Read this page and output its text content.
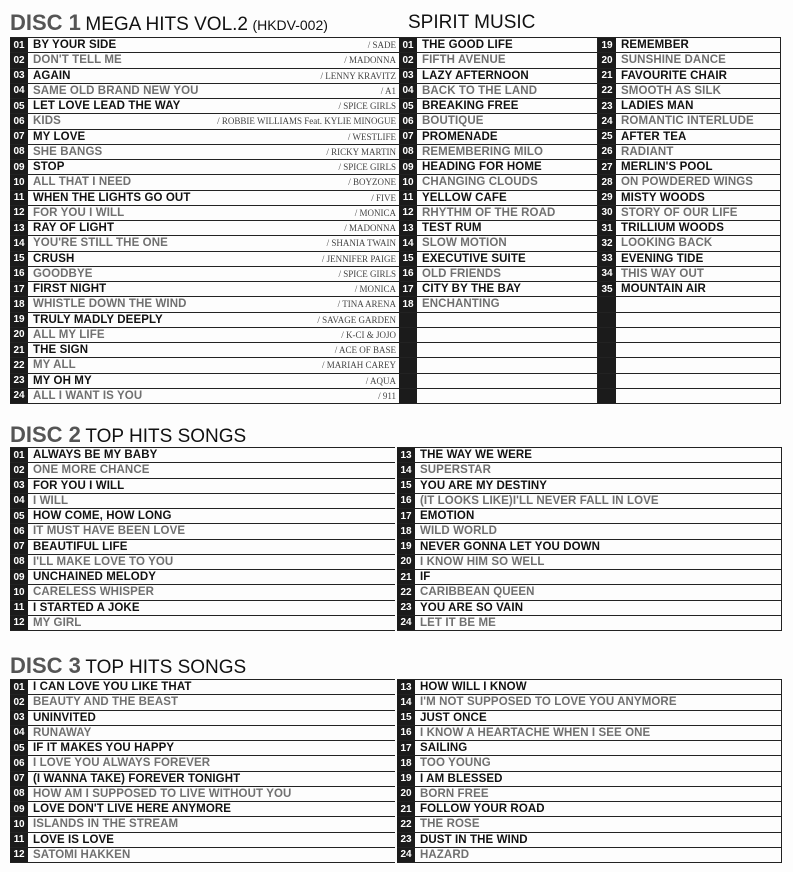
DISC 1 MEGA HITS VOL.2 (HKDV-002)	SPIRIT MUSIC
01 BY YOUR SIDE	/ SADE
02 DON'T TELL ME	/ MADONNA
03 AGAIN	/ LENNY KRAVITZ
04 SAME OLD BRAND NEW YOU	/ A1
05 LET LOVE LEAD THE WAY	/ SPICE GIRLS
06 KIDS	/ ROBBIE WILLIAMS Feat. KYLIE MINOGUE
07 MY LOVE	/ WESTLIFE
08 SHE BANGS	/ RICKY MARTIN
09 STOP	/ SPICE GIRLS
10 ALL THAT I NEED	/ BOYZONE
11 WHEN THE LIGHTS GO OUT	/ FIVE
12 FOR YOU I WILL	/ MONICA
13 RAY OF LIGHT	/ MADONNA
14 YOU'RE STILL THE ONE	/ SHANIA TWAIN
15 CRUSH	/ JENNIFER PAIGE
16 GOODBYE	/ SPICE GIRLS
17 FIRST NIGHT	/ MONICA
18 WHISTLE DOWN THE WIND	/ TINA ARENA
19 TRULY MADLY DEEPLY	/ SAVAGE GARDEN
20 ALL MY LIFE	/ K-CI & JOJO
21 THE SIGN	/ ACE OF BASE
22 MY ALL	/ MARIAH CAREY
23 MY OH MY	/ AQUA
24 ALL I WANT IS YOU	/ 911
01 THE GOOD LIFE
02 FIFTH AVENUE
03 LAZY AFTERNOON
04 BACK TO THE LAND
05 BREAKING FREE
06 BOUTIQUE
07 PROMENADE
08 REMEMBERING MILO
09 HEADING FOR HOME
10 CHANGING CLOUDS
11 YELLOW CAFE
12 RHYTHM OF THE ROAD
13 TEST RUM
14 SLOW MOTION
15 EXECUTIVE SUITE
16 OLD FRIENDS
17 CITY BY THE BAY
18 ENCHANTING
19 REMEMBER
20 SUNSHINE DANCE
21 FAVOURITE CHAIR
22 SMOOTH AS SILK
23 LADIES MAN
24 ROMANTIC INTERLUDE
25 AFTER TEA
26 RADIANT
27 MERLIN'S POOL
28 ON POWDERED WINGS
29 MISTY WOODS
30 STORY OF OUR LIFE
31 TRILLIUM WOODS
32 LOOKING BACK
33 EVENING TIDE
34 THIS WAY OUT
35 MOUNTAIN AIR
DISC 2 TOP HITS SONGS
01 ALWAYS BE MY BABY
02 ONE MORE CHANCE
03 FOR YOU I WILL
04 I WILL
05 HOW COME, HOW LONG
06 IT MUST HAVE BEEN LOVE
07 BEAUTIFUL LIFE
08 I'LL MAKE LOVE TO YOU
09 UNCHAINED MELODY
10 CARELESS WHISPER
11 I STARTED A JOKE
12 MY GIRL
13 THE WAY WE WERE
14 SUPERSTAR
15 YOU ARE MY DESTINY
16 (IT LOOKS LIKE)I'LL NEVER FALL IN LOVE
17 EMOTION
18 WILD WORLD
19 NEVER GONNA LET YOU DOWN
20 I KNOW HIM SO WELL
21 IF
22 CARIBBEAN QUEEN
23 YOU ARE SO VAIN
24 LET IT BE ME
DISC 3 TOP HITS SONGS
01 I CAN LOVE YOU LIKE THAT
02 BEAUTY AND THE BEAST
03 UNINVITED
04 RUNAWAY
05 IF IT MAKES YOU HAPPY
06 I LOVE YOU ALWAYS FOREVER
07 (I WANNA TAKE) FOREVER TONIGHT
08 HOW AM I SUPPOSED TO LIVE WITHOUT YOU
09 LOVE DON'T LIVE HERE ANYMORE
10 ISLANDS IN THE STREAM
11 LOVE IS LOVE
12 SATOMI HAKKEN
13 HOW WILL I KNOW
14 I'M NOT SUPPOSED TO LOVE YOU ANYMORE
15 JUST ONCE
16 I KNOW A HEARTACHE WHEN I SEE ONE
17 SAILING
18 TOO YOUNG
19 I AM BLESSED
20 BORN FREE
21 FOLLOW YOUR ROAD
22 THE ROSE
23 DUST IN THE WIND
24 HAZARD
